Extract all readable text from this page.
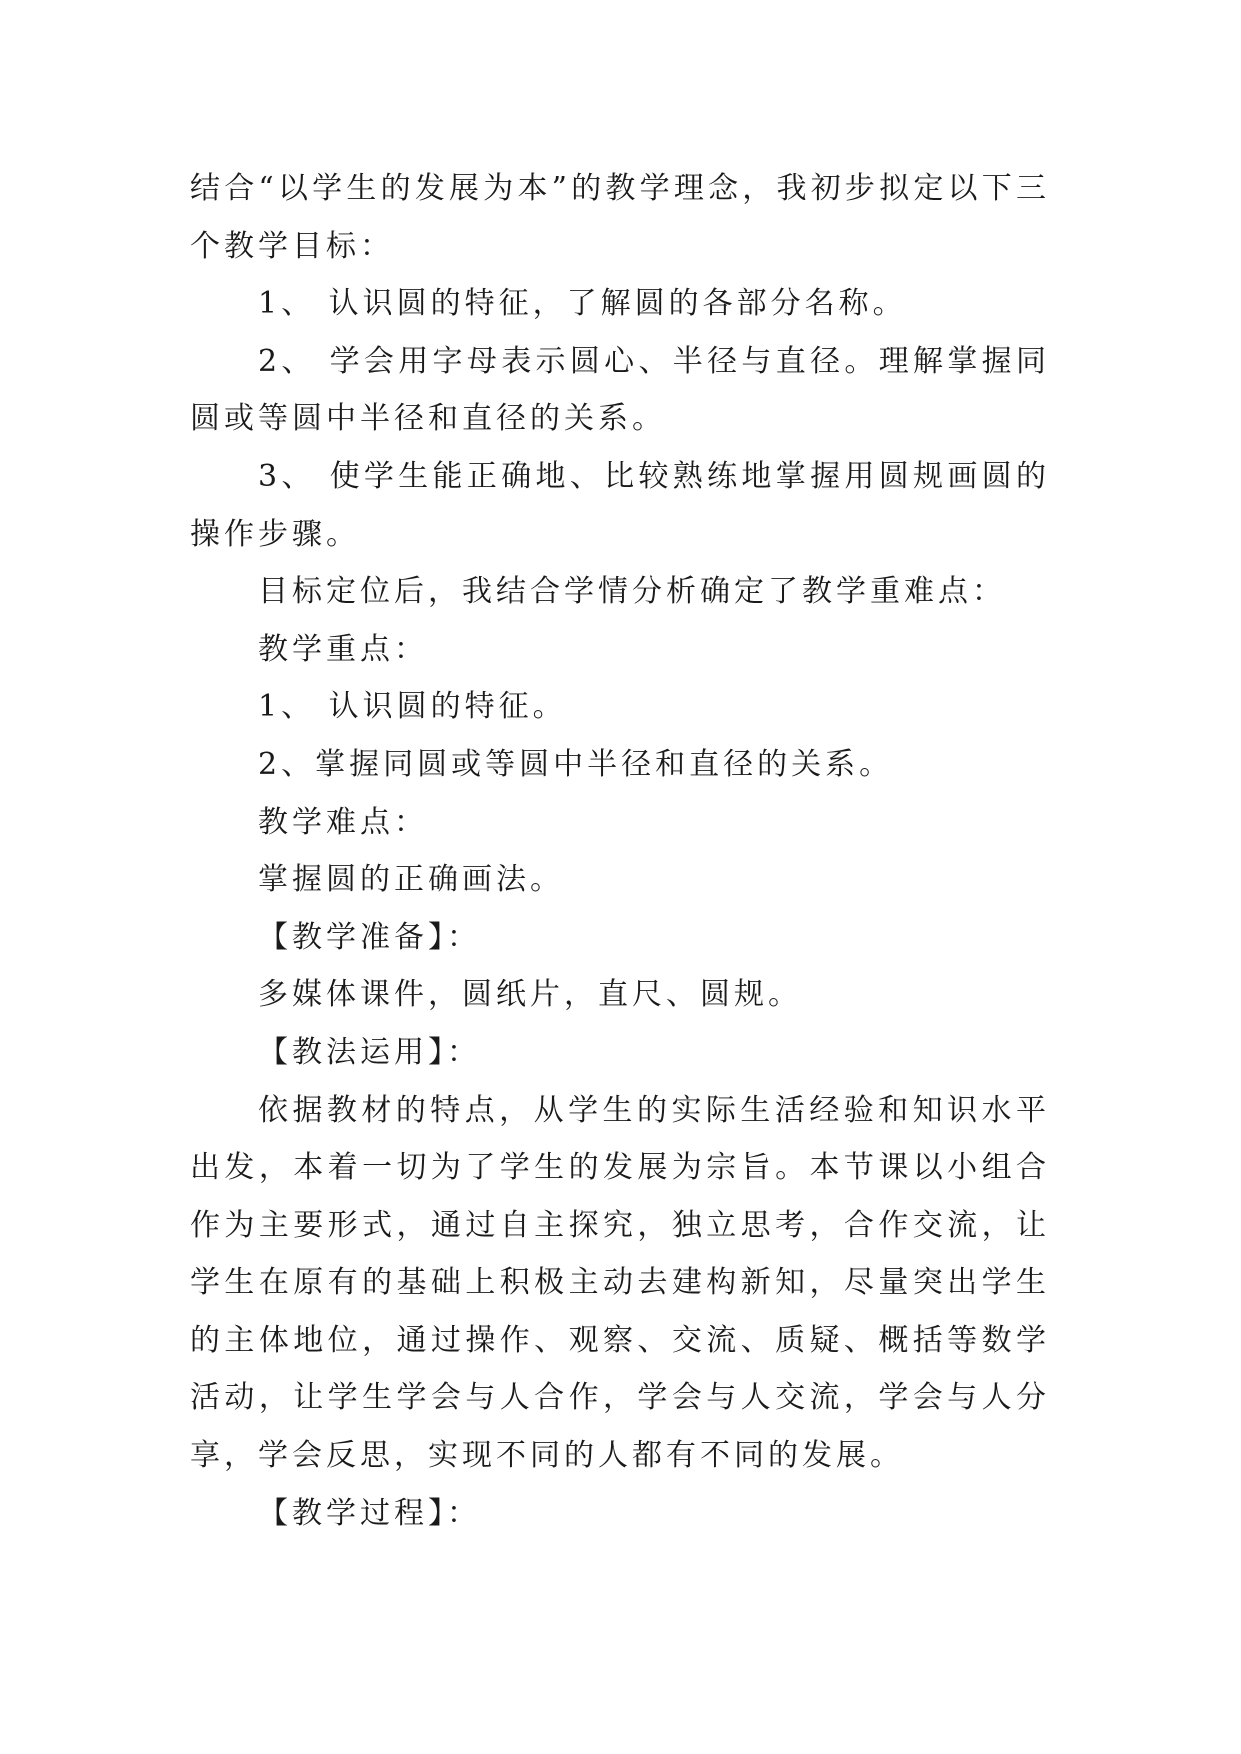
结合“以学生的发展为本”的教学理念，我初步拟定以下三个教学目标：

1、 认识圆的特征，了解圆的各部分名称。

2、 学会用字母表示圆心、半径与直径。理解掌握同圆或等圆中半径和直径的关系。

3、 使学生能正确地、比较熟练地掌握用圆规画圆的操作步骤。

目标定位后，我结合学情分析确定了教学重难点：

教学重点：

1、 认识圆的特征。

2、掌握同圆或等圆中半径和直径的关系。

教学难点：

掌握圆的正确画法。

【教学准备】：

多媒体课件，圆纸片，直尺、圆规。

【教法运用】：

依据教材的特点，从学生的实际生活经验和知识水平出发，本着一切为了学生的发展为宗旨。本节课以小组合作为主要形式，通过自主探究，独立思考，合作交流，让学生在原有的基础上积极主动去建构新知，尽量突出学生的主体地位，通过操作、观察、交流、质疑、概括等数学活动，让学生学会与人合作，学会与人交流，学会与人分享，学会反思，实现不同的人都有不同的发展。

【教学过程】：
